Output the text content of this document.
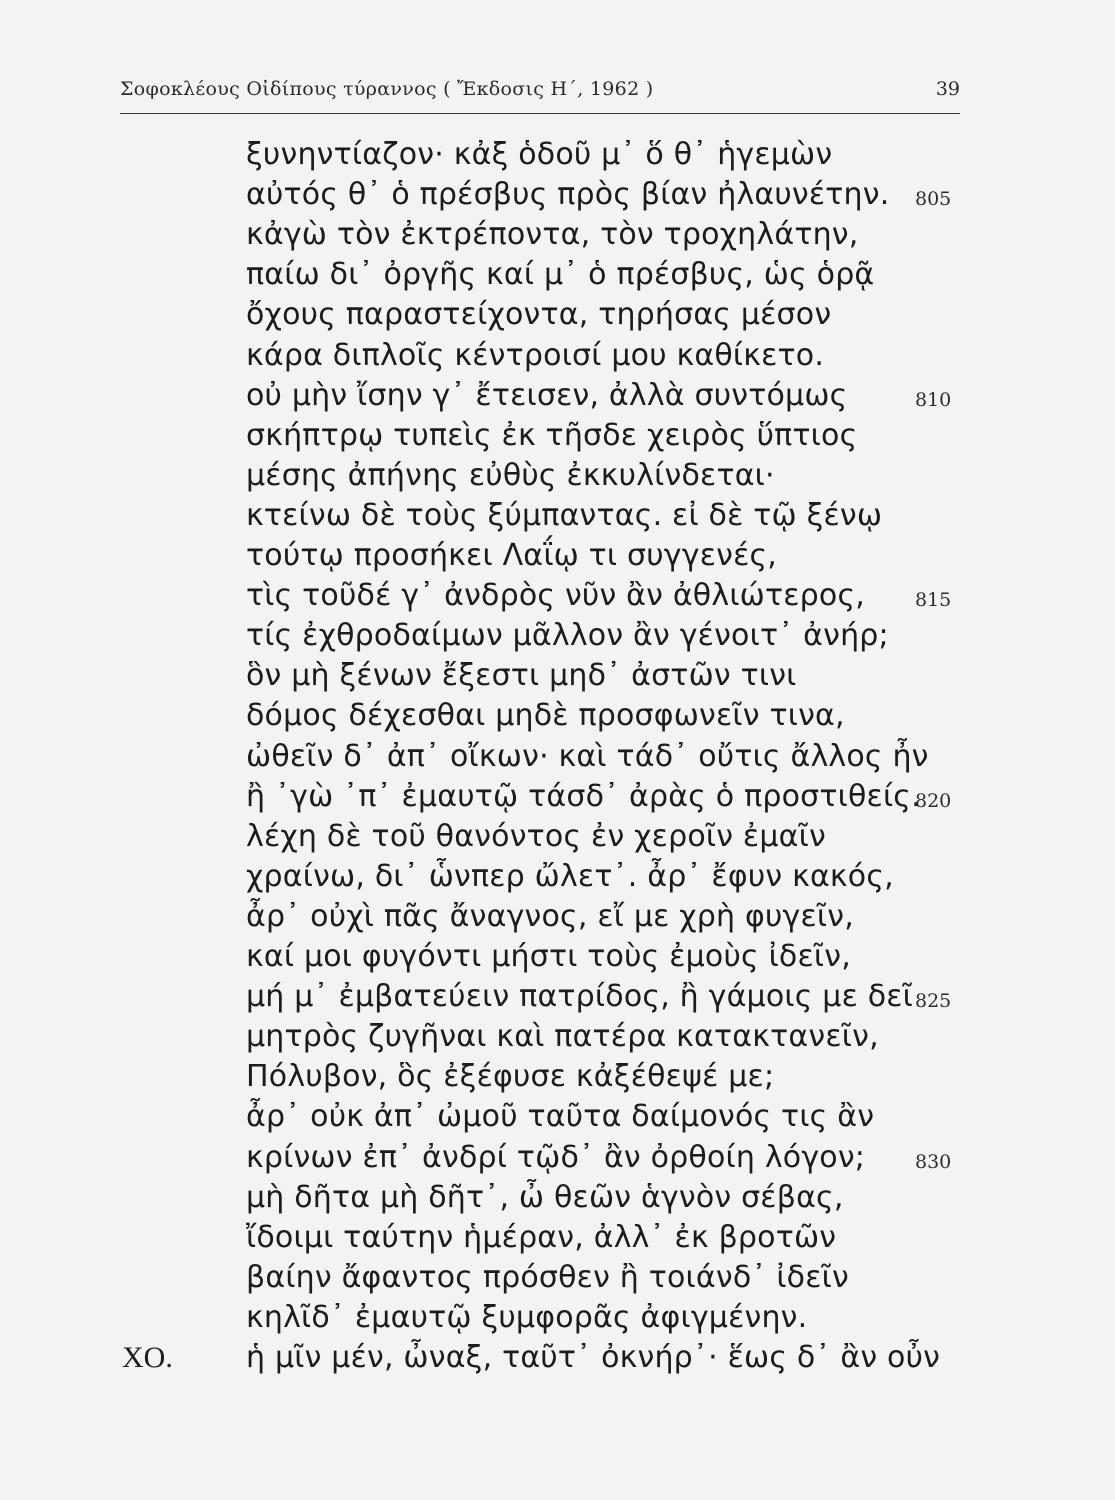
Σοφοκλέους Οἰδίπους τύραννος ( Ἔκδοσις Η΄, 1962 )	39
ξυνηντίαζον· κἀξ ὁδοῦ μ᾽ ὅ θ᾽ ἡγεμὼν
αὐτός θ᾽ ὁ πρέσβυς πρὸς βίαν ἠλαυνέτην. 805
κἀγὼ τὸν ἐκτρέποντα, τὸν τροχηλάτην,
παίω δι᾽ ὀργῆς καί μ᾽ ὁ πρέσβυς, ὡς ὁρᾷ
ὄχους παραστείχοντα, τηρήσας μέσον
κάρα διπλοῖς κέντροισί μου καθίκετο.
οὐ μὴν ἴσην γ᾽ ἔτεισεν, ἀλλὰ συντόμως	810
σκήπτρῳ τυπεὶς ἐκ τῆσδε χειρὸς ὕπτιος
μέσης ἀπήνης εὐθὺς ἐκκυλίνδεται·
κτείνω δὲ τοὺς ξύμπαντας. εἰ δὲ τῷ ξένῳ
τούτῳ προσήκει Λαΐῳ τι συγγενές,
τὶς τοῦδέ γ᾽ ἀνδρὸς νῦν ἂν ἀθλιώτερος,	815
τίς ἐχθροδαίμων μᾶλλον ἂν γένοιτ᾽ ἀνήρ;
ὃν μὴ ξένων ἔξεστι μηδ᾽ ἀστῶν τινι
δόμος δέχεσθαι μηδὲ προσφωνεῖν τινα,
ὠθεῖν δ᾽ ἀπ᾽ οἴκων· καὶ τάδ᾽ οὔτις ἄλλος ἦν
ἢ ᾽γὼ ᾽π᾽ ἐμαυτῷ τάσδ᾽ ἀρὰς ὁ προστιθείς.
820
λέχη δὲ τοῦ θανόντος ἐν χεροῖν ἐμαῖν
χραίνω, δι᾽ ὧνπερ ὤλετ᾽. ἆρ᾽ ἔφυν κακός,
ἆρ᾽ οὐχὶ πᾶς ἄναγνος, εἴ με χρὴ φυγεῖν,
καί μοι φυγόντι μήστι τοὺς ἐμοὺς ἰδεῖν,
μή μ᾽ ἐμβατεύειν πατρίδος, ἢ γάμοις με δεῖ 825
μητρὸς ζυγῆναι καὶ πατέρα κατακτανεῖν,
Πόλυβον, ὃς ἐξέφυσε κἀξέθεψέ με;
ἆρ᾽ οὐκ ἀπ᾽ ὠμοῦ ταῦτα δαίμονός τις ἂν
κρίνων ἐπ᾽ ἀνδρί τῷδ᾽ ἂν ὀρθοίη λόγον;	830
μὴ δῆτα μὴ δῆτ᾽, ὦ θεῶν ἁγνὸν σέβας,
ἴδοιμι ταύτην ἡμέραν, ἀλλ᾽ ἐκ βροτῶν
βαίην ἄφαντος πρόσθεν ἢ τοιάνδ᾽ ἰδεῖν
κηλῖδ᾽ ἐμαυτῷ ξυμφορᾶς ἀφιγμένην.
ἡ μῖν μέν, ὦναξ, ταῦτ᾽ ὀκνήρ᾽· ἕως δ᾽ ἂν οὖν
ΧΟ.
